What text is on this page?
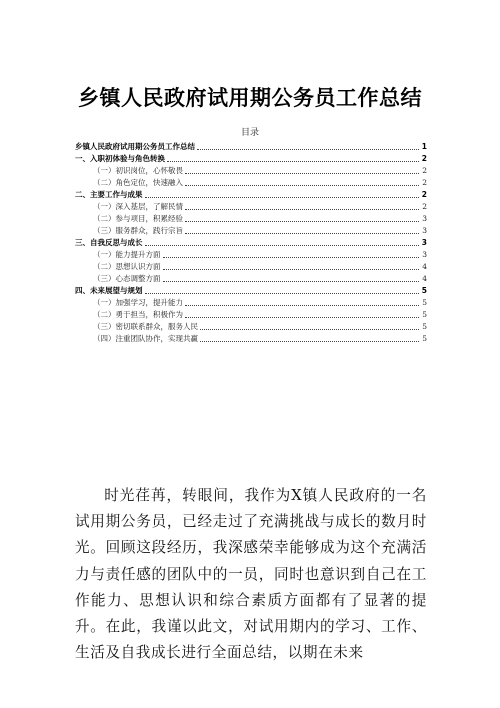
乡镇人民政府试用期公务员工作总结
目录
乡镇人民政府试用期公务员工作总结	1
一、入职初体验与角色转换	2
（一）初识岗位，心怀敬畏	2
（二）角色定位，快速融入	2
二、主要工作与成果	2
（一）深入基层，了解民情	2
（二）参与项目，积累经验	3
（三）服务群众，践行宗旨	3
三、自我反思与成长	3
（一）能力提升方面	3
（二）思想认识方面	4
（三）心态调整方面	4
四、未来展望与规划	5
（一）加强学习，提升能力	5
（二）勇于担当，积极作为	5
（三）密切联系群众，服务人民	5
（四）注重团队协作，实现共赢	5
时光荏苒，转眼间，我作为X镇人民政府的一名试用期公务员，已经走过了充满挑战与成长的数月时光。回顾这段经历，我深感荣幸能够成为这个充满活力与责任感的团队中的一员，同时也意识到自己在工作能力、思想认识和综合素质方面都有了显著的提升。在此，我谨以此文，对试用期内的学习、工作、生活及自我成长进行全面总结，以期在未来
